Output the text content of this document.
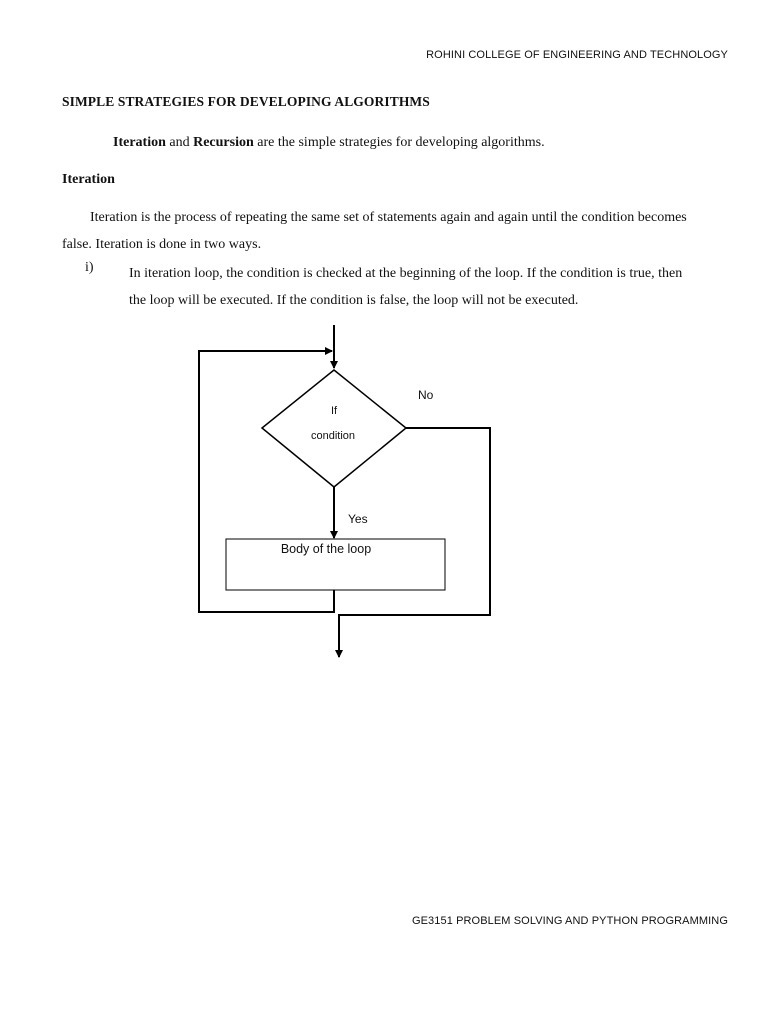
ROHINI COLLEGE OF ENGINEERING AND TECHNOLOGY
SIMPLE STRATEGIES FOR DEVELOPING ALGORITHMS
Iteration and Recursion are the simple strategies for developing algorithms.
Iteration
Iteration is the process of repeating the same set of statements again and again until the condition becomes false. Iteration is done in two ways.
i)	In iteration loop, the condition is checked at the beginning of the loop. If the condition is true, then the loop will be executed. If the condition is false, the loop will not be executed.
If
condition
No
Yes
Body of the loop
GE3151 PROBLEM SOLVING AND PYTHON PROGRAMMING
